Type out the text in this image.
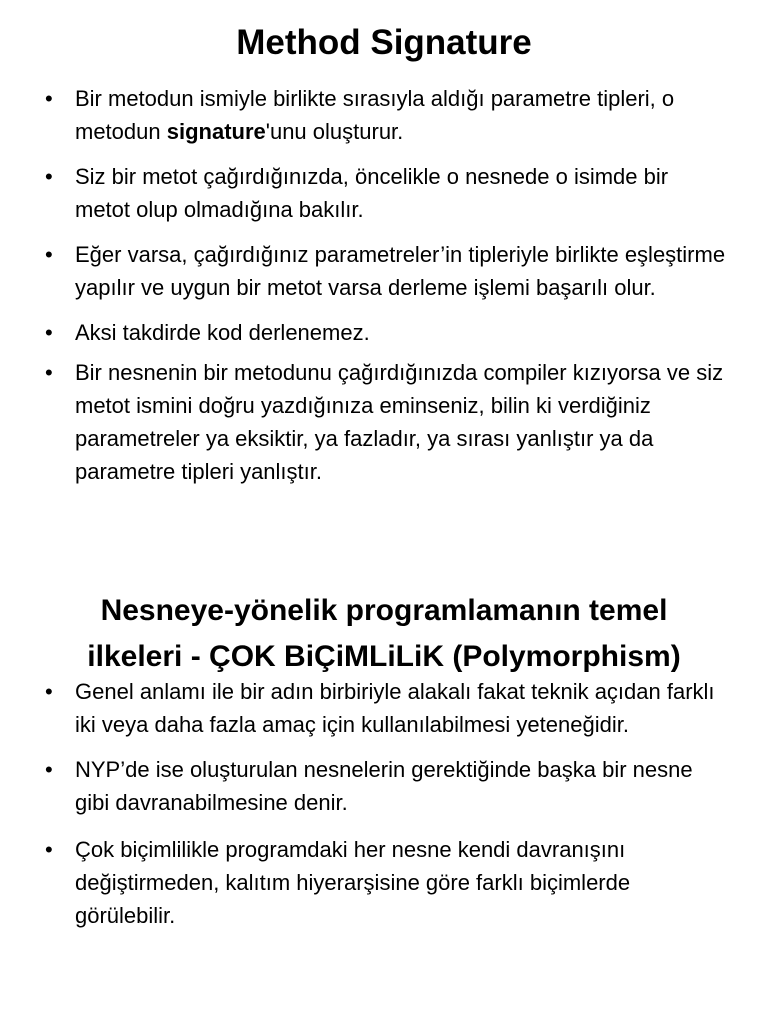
Method Signature
• Bir metodun ismiyle birlikte sırasıyla aldığı parametre tipleri, o metodun signature'unu oluşturur.
• Siz bir metot çağırdığınızda, öncelikle o nesnede o isimde bir metot olup olmadığına bakılır.
• Eğer varsa, çağırdığınız parametreler’in tipleriyle birlikte eşleştirme yapılır ve uygun bir metot varsa derleme işlemi başarılı olur.
• Aksi takdirde kod derlenemez.
• Bir nesnenin bir metodunu çağırdığınızda compiler kızıyorsa ve siz metot ismini doğru yazdığınıza eminseniz, bilin ki verdiğiniz parametreler ya eksiktir, ya fazladır, ya sırası yanlıştır ya da parametre tipleri yanlıştır.
Nesneye-yönelik programlamanın temel
ilkeleri - ÇOK BiÇiMLiLiK (Polymorphism)
• Genel anlamı ile bir adın birbiriyle alakalı fakat teknik açıdan farklı iki veya daha fazla amaç için kullanılabilmesi yeteneğidir.
• NYP’de ise oluşturulan nesnelerin gerektiğinde başka bir nesne gibi davranabilmesine denir.
• Çok biçimlilikle programdaki her nesne kendi davranışını değiştirmeden, kalıtım hiyerarşisine göre farklı biçimlerde görülebilir.
